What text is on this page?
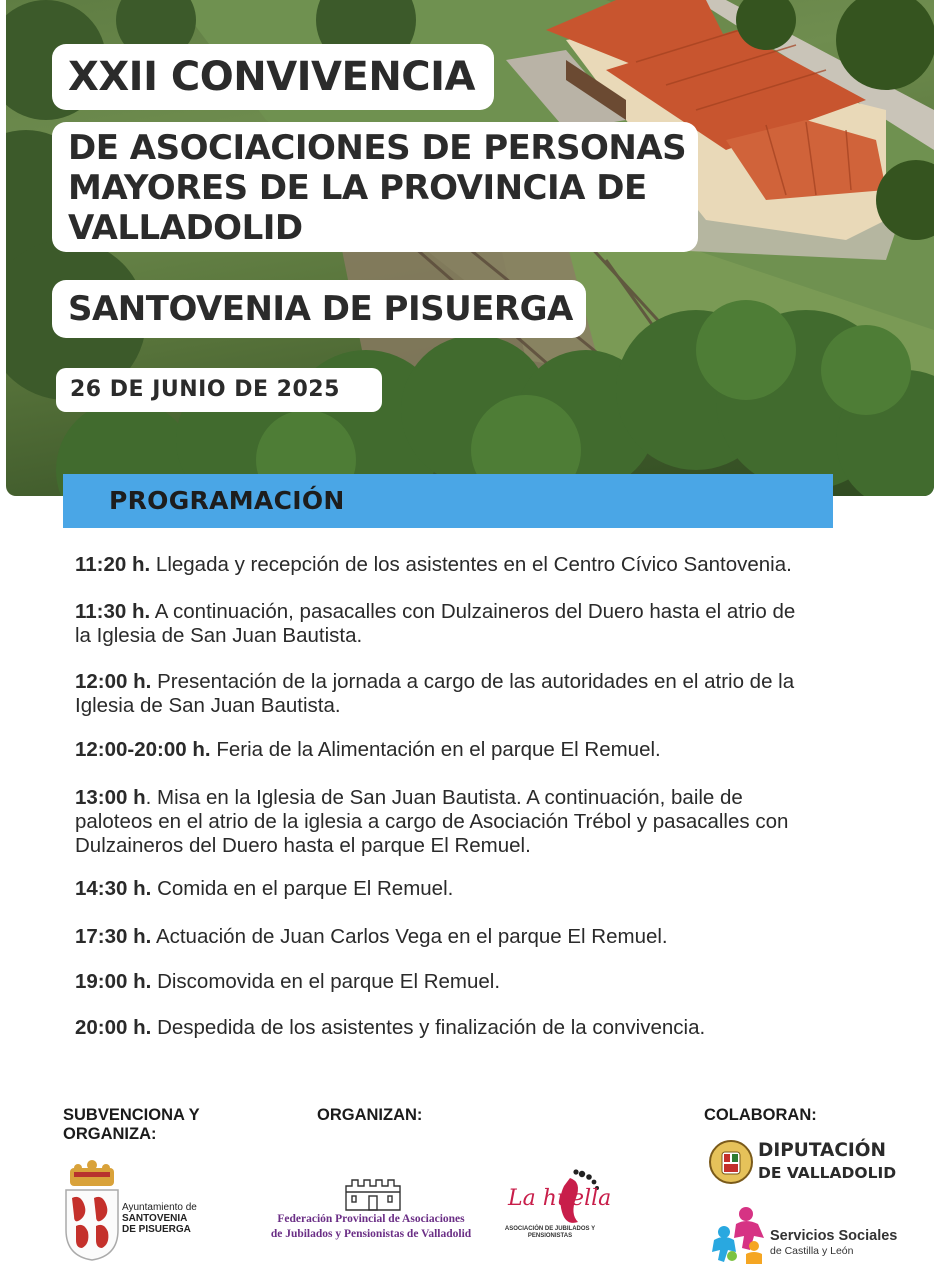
XXII CONVIVENCIA
DE ASOCIACIONES DE PERSONAS
MAYORES DE LA PROVINCIA DE
VALLADOLID
SANTOVENIA DE PISUERGA
26 DE JUNIO DE 2025
PROGRAMACIÓN
11:20 h. Llegada y recepción de los asistentes en el Centro Cívico Santovenia.
11:30 h. A continuación, pasacalles con Dulzaineros del Duero hasta el atrio de
la Iglesia de San Juan Bautista.
12:00 h. Presentación de la jornada a cargo de las autoridades en el atrio de la
Iglesia de San Juan Bautista.
12:00-20:00 h. Feria de la Alimentación en el parque El Remuel.
13:00 h. Misa en la Iglesia de San Juan Bautista. A continuación, baile de
paloteos en el atrio de la iglesia a cargo de Asociación Trébol y pasacalles con
Dulzaineros del Duero hasta el parque El Remuel.
14:30 h. Comida en el parque El Remuel.
17:30 h. Actuación de Juan Carlos Vega en el parque El Remuel.
19:00 h. Discomovida en el parque El Remuel.
20:00 h. Despedida de los asistentes y finalización de la convivencia.
SUBVENCIONA Y
ORGANIZA:
ORGANIZAN:	COLABORAN:
Ayuntamiento de
SANTOVENIA
DE PISUERGA
Federación Provincial de Asociaciones
de Jubilados y Pensionistas de Valladolid
La huella
ASOCIACIÓN DE JUBILADOS Y PENSIONISTAS
DIPUTACIÓN
DE VALLADOLID
Servicios Sociales
de Castilla y León
